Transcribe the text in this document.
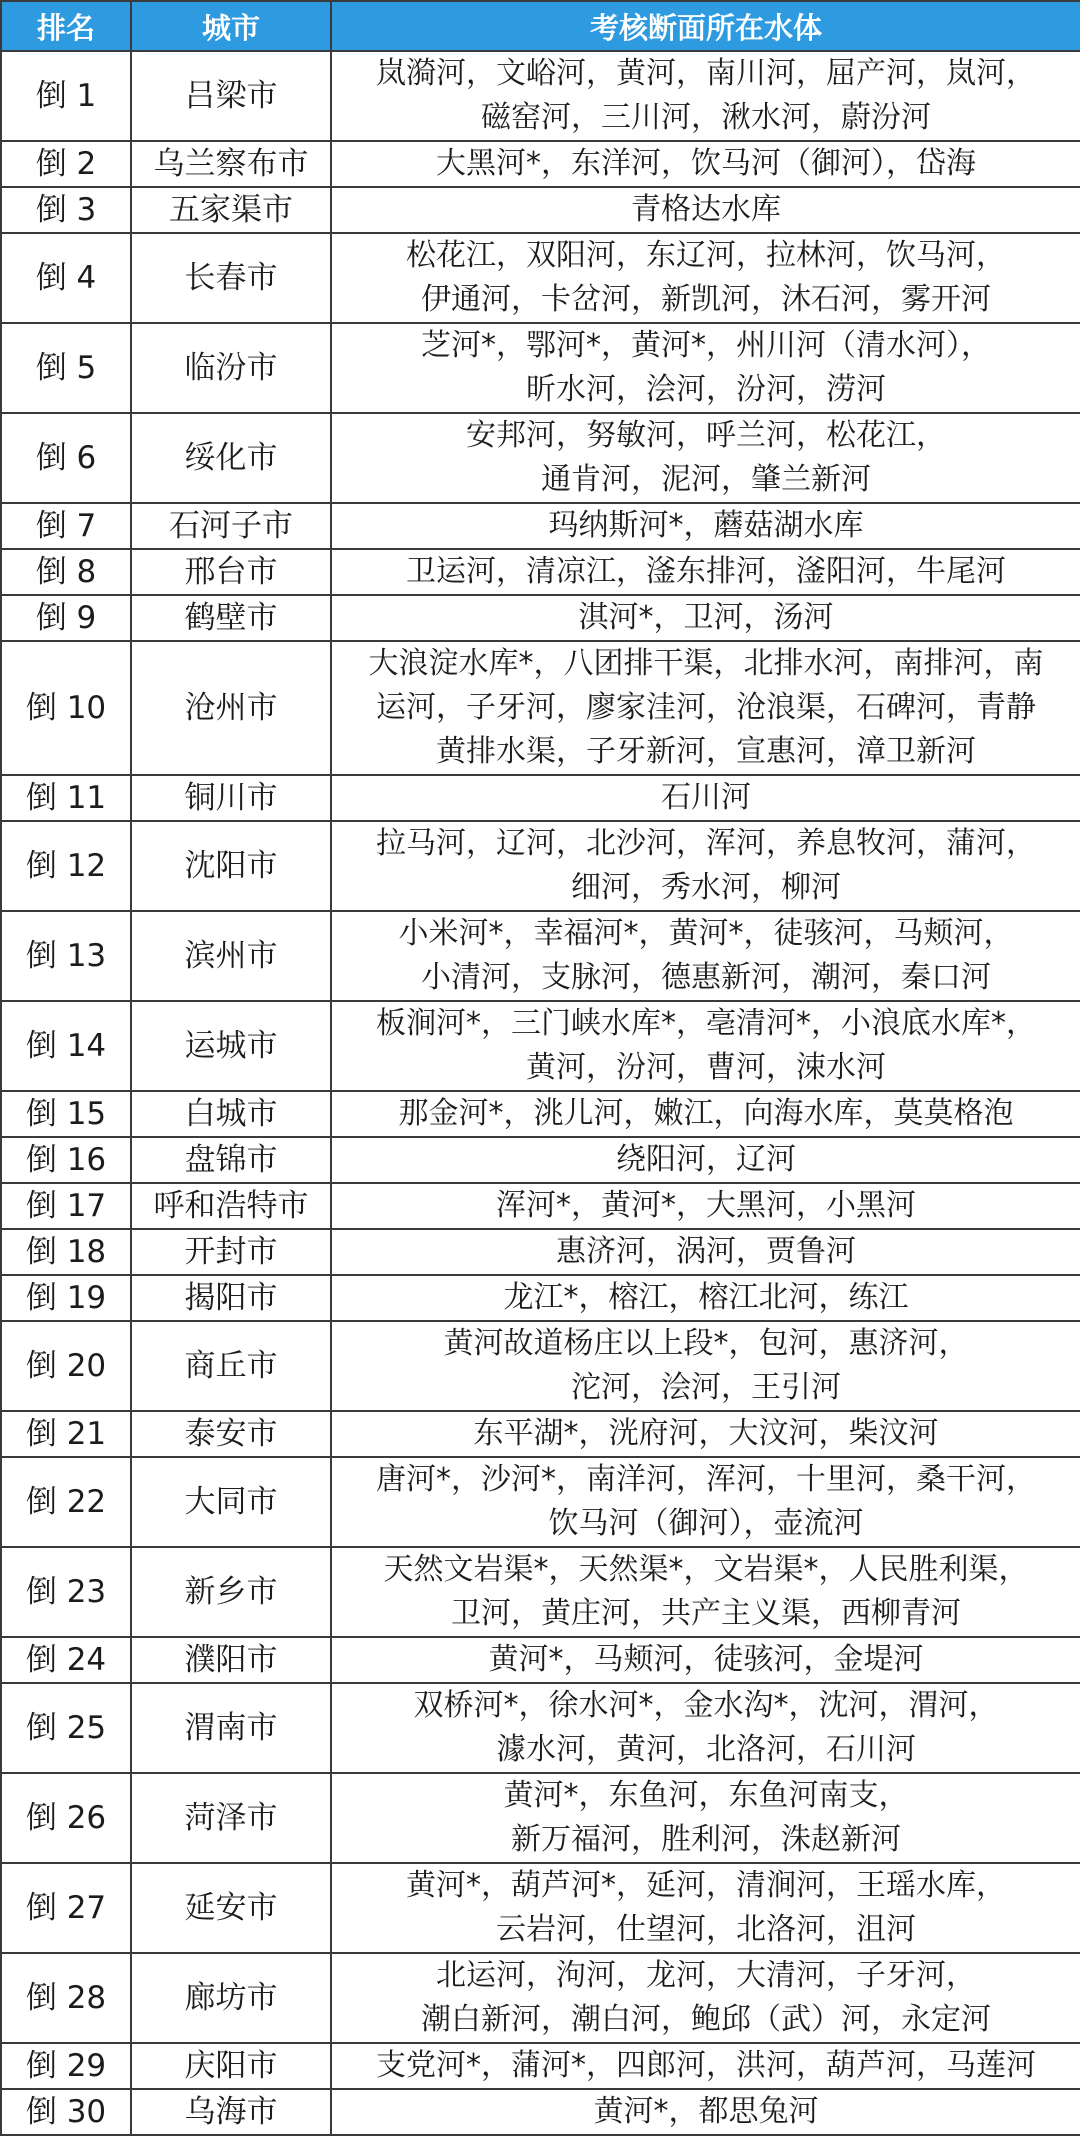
排名	城市	考核断面所在水体
倒 1	吕梁市	岚漪河，文峪河，黄河，南川河，屈产河，岚河，
磁窑河，三川河，湫水河，蔚汾河

倒 2	乌兰察布市	大黑河*，东洋河，饮马河（御河），岱海

倒 3	五家渠市	青格达水库

倒 4	长春市	松花江，双阳河，东辽河，拉林河，饮马河，
伊通河，卡岔河，新凯河，沐石河，雾开河

倒 5	临汾市	芝河*，鄂河*，黄河*，州川河（清水河），
昕水河，浍河，汾河，涝河

倒 6	绥化市	安邦河，努敏河，呼兰河，松花江，
通肯河，泥河，肇兰新河

倒 7	石河子市	玛纳斯河*，蘑菇湖水库

倒 8	邢台市	卫运河，清凉江，滏东排河，滏阳河，牛尾河

倒 9	鹤壁市	淇河*，卫河，汤河

倒 10	沧州市	大浪淀水库*，八团排干渠，北排水河，南排河，南
运河，子牙河，廖家洼河，沧浪渠，石碑河，青静
黄排水渠，子牙新河，宣惠河，漳卫新河

倒 11	铜川市	石川河

倒 12	沈阳市	拉马河，辽河，北沙河，浑河，养息牧河，蒲河，
细河，秀水河，柳河

倒 13	滨州市	小米河*，幸福河*，黄河*，徒骇河，马颊河，
小清河，支脉河，德惠新河，潮河，秦口河

倒 14	运城市	板涧河*，三门峡水库*，亳清河*，小浪底水库*，
黄河，汾河，曹河，涑水河

倒 15	白城市	那金河*，洮儿河，嫩江，向海水库，莫莫格泡

倒 16	盘锦市	绕阳河，辽河

倒 17	呼和浩特市	浑河*，黄河*，大黑河，小黑河

倒 18	开封市	惠济河，涡河，贾鲁河

倒 19	揭阳市	龙江*，榕江，榕江北河，练江

倒 20	商丘市	黄河故道杨庄以上段*，包河，惠济河，
沱河，浍河，王引河

倒 21	泰安市	东平湖*，洸府河，大汶河，柴汶河

倒 22	大同市	唐河*，沙河*，南洋河，浑河，十里河，桑干河，
饮马河（御河），壶流河

倒 23	新乡市	天然文岩渠*，天然渠*，文岩渠*，人民胜利渠，
卫河，黄庄河，共产主义渠，西柳青河

倒 24	濮阳市	黄河*，马颊河，徒骇河，金堤河

倒 25	渭南市	双桥河*，徐水河*，金水沟*，沈河，渭河，
澽水河，黄河，北洛河，石川河

倒 26	菏泽市	黄河*，东鱼河，东鱼河南支，
新万福河，胜利河，洙赵新河

倒 27	延安市	黄河*，葫芦河*，延河，清涧河，王瑶水库，
云岩河，仕望河，北洛河，沮河

倒 28	廊坊市	北运河，泃河，龙河，大清河，子牙河，
潮白新河，潮白河，鲍邱（武）河，永定河

倒 29	庆阳市	支党河*，蒲河*，四郎河，洪河，葫芦河，马莲河

倒 30	乌海市	黄河*，都思兔河
